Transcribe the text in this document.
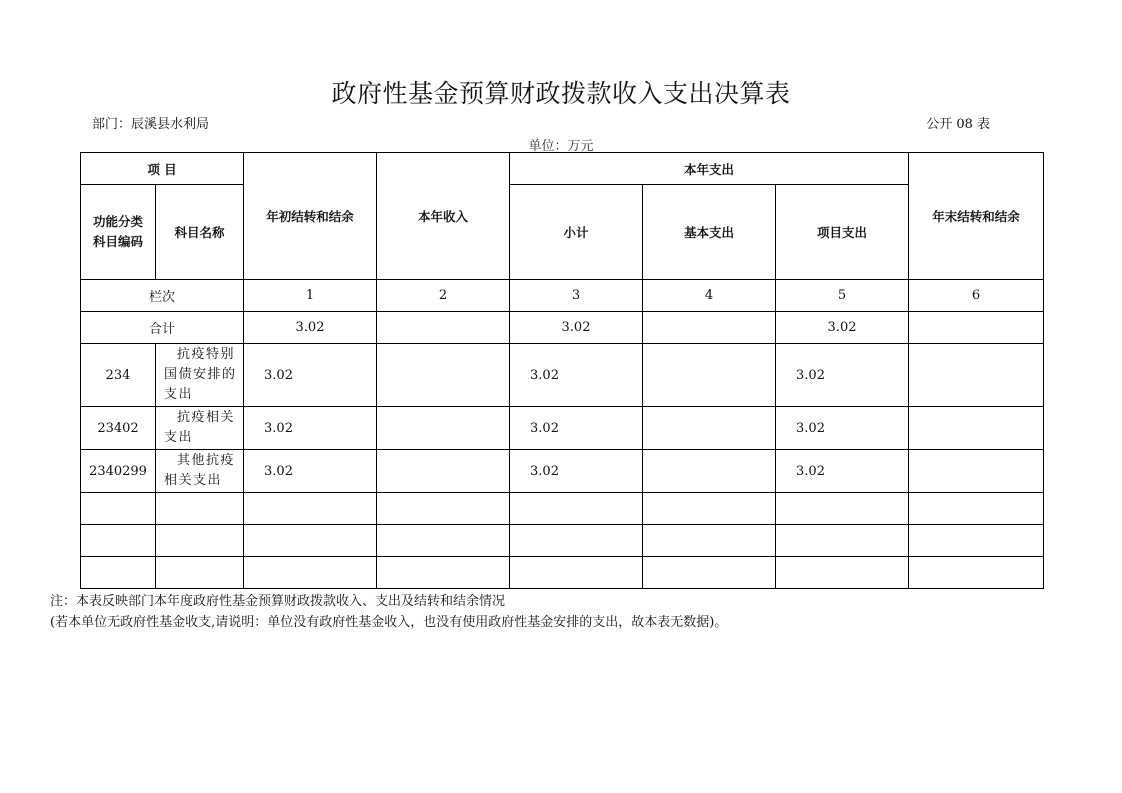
政府性基金预算财政拨款收入支出决算表
部门：辰溪县水利局	公开 08 表
单位：万元
项 目		年初结转和结余	本年收入	本年支出			年末结转和结余

功能分类
科目编码	科目名称			小计	基本支出	项目支出	
栏次		1	2	3	4	5	6
合计		3.02		3.02		3.02	
234	抗疫特别
国债安排的
支出	3.02		3.02		3.02	
23402	抗疫相关
支出	3.02		3.02		3.02	
2340299	其他抗疫
相关支出	3.02		3.02		3.02	

注：本表反映部门本年度政府性基金预算财政拨款收入、支出及结转和结余情况
(若本单位无政府性基金收支,请说明：单位没有政府性基金收入，也没有使用政府性基金安排的支出，故本表无数据)。
